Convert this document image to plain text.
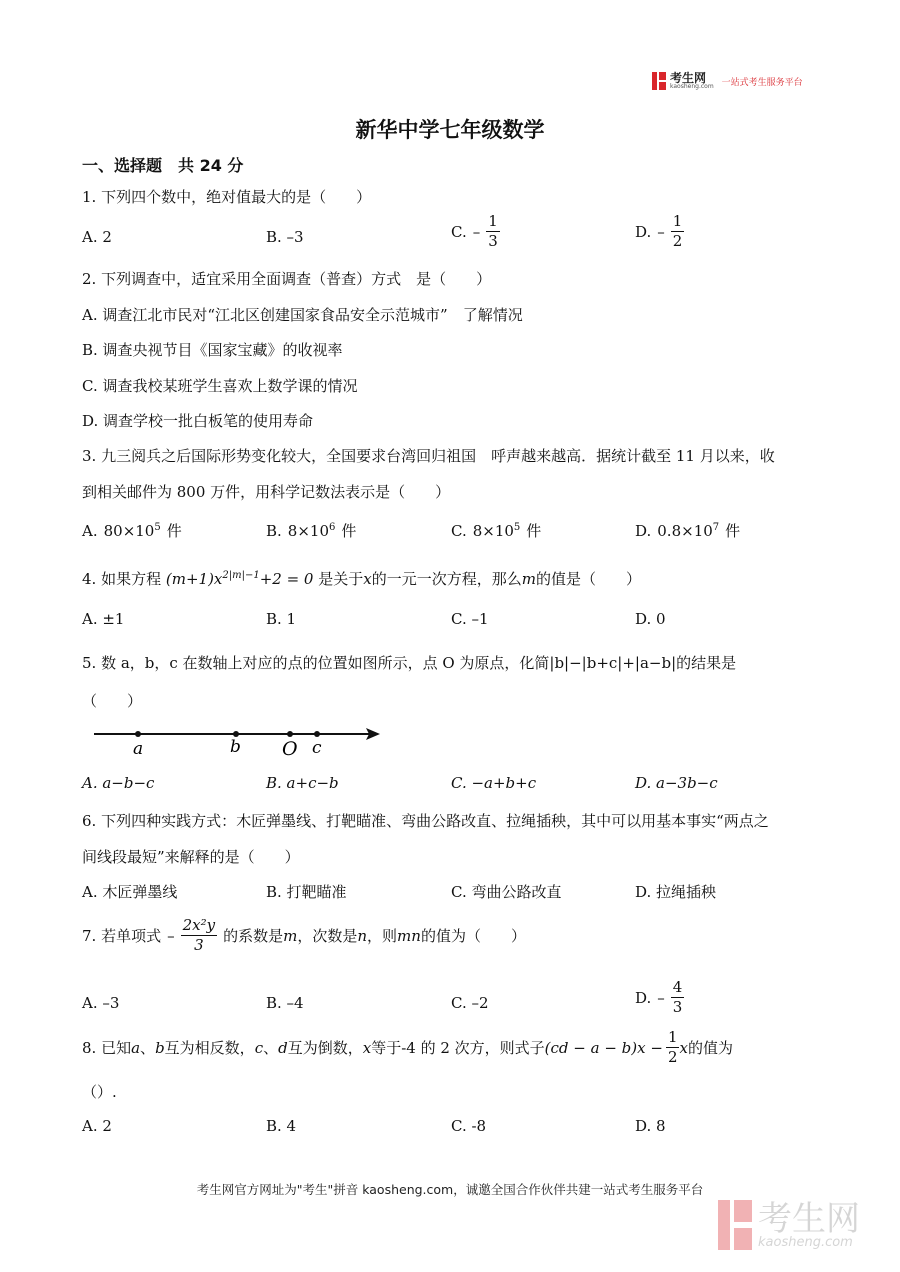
考生网
kaosheng.com 一站式考生服务平台
新华中学七年级数学
一、选择题　共 24 分
1. 下列四个数中，绝对值最大的是（　　）
A. 2	B. –3	C. – $\frac{1}{3}$	D. – $\frac{1}{2}$
2. 下列调查中，适宜采用全面调查（普查）方式　是（　　）
A. 调查江北市民对“江北区创建国家食品安全示范城市”　了解情况
B. 调查央视节目《国家宝藏》的收视率
C. 调查我校某班学生喜欢上数学课的情况
D. 调查学校一批白板笔的使用寿命
3. 九三阅兵之后国际形势变化较大，全国要求台湾回归祖国　呼声越来越高．据统计截至 11 月以来，收
到相关邮件为 800 万件，用科学记数法表示是（　　）
A. $80\times 10^5$ 件	B. $8\times 10^6$ 件	C. $8\times 10^5$ 件	D. $0.8\times 10^7$ 件
4. 如果方程 $(m+1)x^{2|m|-1}+2 = 0$ 是关于x的一元一次方程，那么m的值是（　　）
A. ±1	B. 1	C. –1	D. 0
5. 数 a，b，c 在数轴上对应的点的位置如图所示，点 O 为原点，化简|b|−|b+c|+|a−b|的结果是
（　　）
a	b O c
A. a−b−c	B. a+c−b	C. −a+b+c	D. a−3b−c
6. 下列四种实践方式：木匠弹墨线、打靶瞄准、弯曲公路改直、拉绳插秧，其中可以用基本事实“两点之
间线段最短”来解释的是（　　）
A. 木匠弹墨线	B. 打靶瞄准	C. 弯曲公路改直	D. 拉绳插秧
7. 若单项式 – $\frac{\text{2x²y}}{3}$ 的系数是m，次数是n，则mn的值为（　　）
A. –3	B. –4	C. –2	D. – $\frac{4}{3}$
8. 已知 a 、 b 互为相反数， c 、 d 互为倒数， x 等于-4 的 2 次方，则式子 $(cd - a - b)x - \frac{1}{2}$ x 的值为
（）.
A. 2	B. 4	C. -8	D. 8
考生网官方网址为"考生"拼音 kaosheng.com，诚邀全国合作伙伴共建一站式考生服务平台
考生网
kaosheng.com
